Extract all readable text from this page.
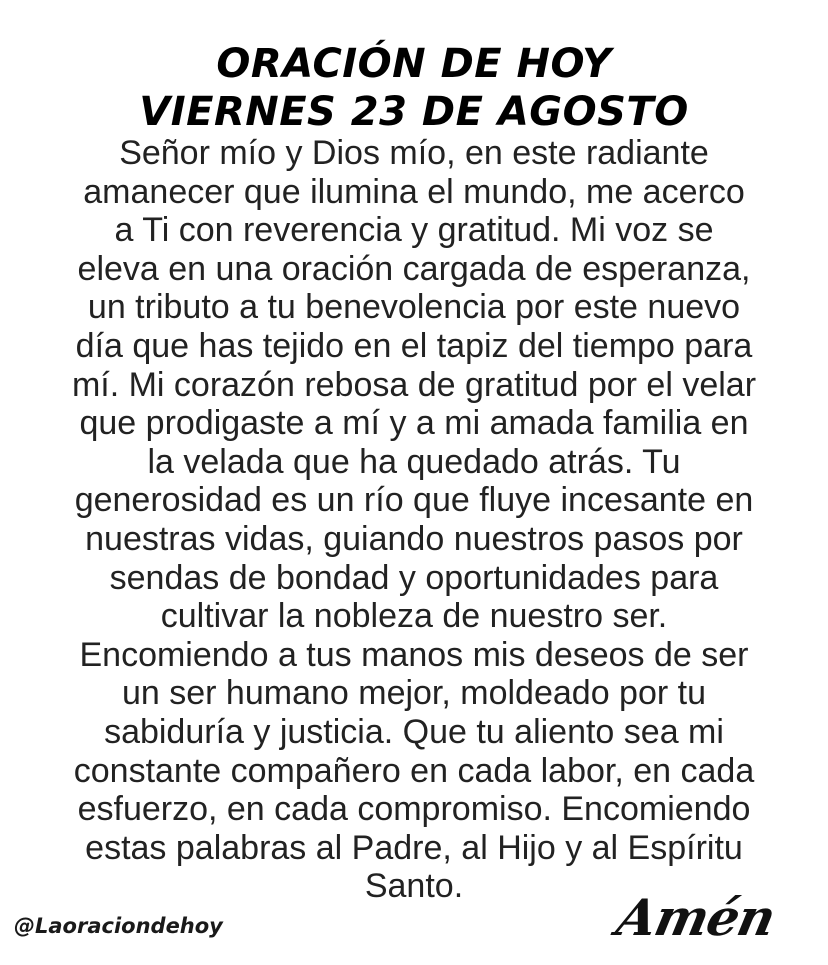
ORACIÓN DE HOY
VIERNES 23 DE AGOSTO
Señor mío y Dios mío, en este radiante
amanecer que ilumina el mundo, me acerco
a Ti con reverencia y gratitud. Mi voz se
eleva en una oración cargada de esperanza,
un tributo a tu benevolencia por este nuevo
día que has tejido en el tapiz del tiempo para
mí. Mi corazón rebosa de gratitud por el velar
que prodigaste a mí y a mi amada familia en
la velada que ha quedado atrás. Tu
generosidad es un río que fluye incesante en
nuestras vidas, guiando nuestros pasos por
sendas de bondad y oportunidades para
cultivar la nobleza de nuestro ser.
Encomiendo a tus manos mis deseos de ser
un ser humano mejor, moldeado por tu
sabiduría y justicia. Que tu aliento sea mi
constante compañero en cada labor, en cada
esfuerzo, en cada compromiso. Encomiendo
estas palabras al Padre, al Hijo y al Espíritu
Santo.
@Laoraciondehoy	Amén
